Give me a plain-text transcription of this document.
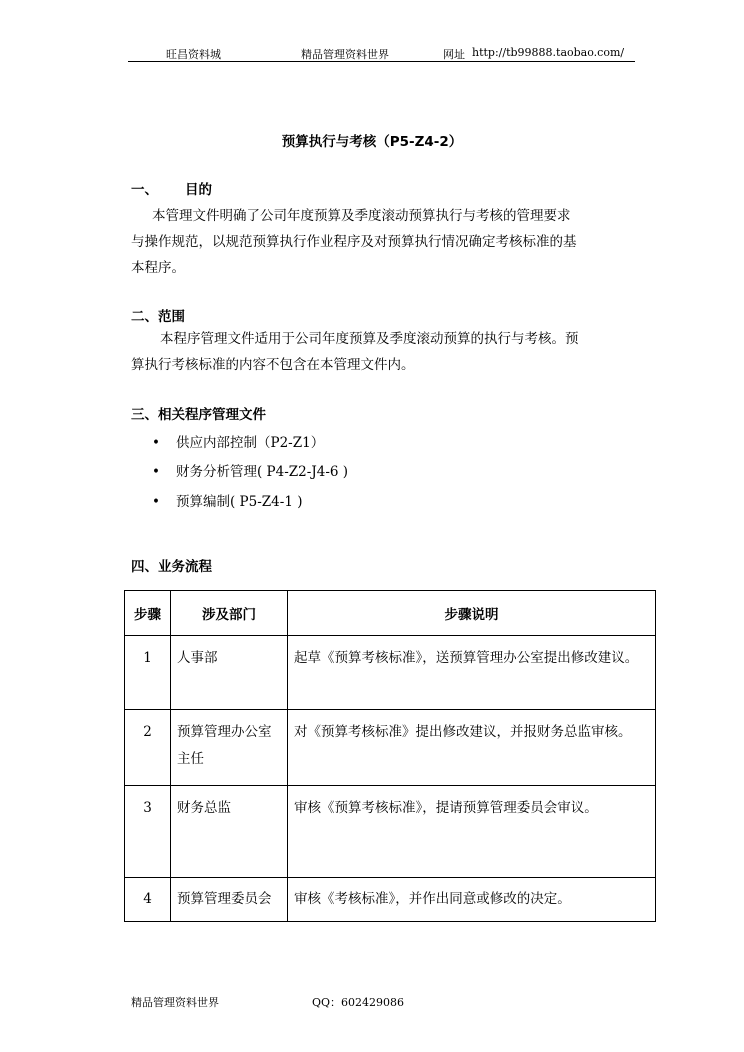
旺昌资料城	精品管理资料世界	网址 http://tb99888.taobao.com/
预算执行与考核（P5-Z4-2）
一、 目的
本管理文件明确了公司年度预算及季度滚动预算执行与考核的管理要求
与操作规范，以规范预算执行作业程序及对预算执行情况确定考核标准的基
本程序。
二、范围
本程序管理文件适用于公司年度预算及季度滚动预算的执行与考核。预
算执行考核标准的内容不包含在本管理文件内。
三、相关程序管理文件
• 供应内部控制（P2-Z1）
• 财务分析管理( P4-Z2-J4-6 )
• 预算编制( P5-Z4-1 )
四、业务流程
步骤	涉及部门	步骤说明

1	人事部	起草《预算考核标准》，送预算管理办公室提出修改建议。

2	预算管理办公室主任	对《预算考核标准》提出修改建议，并报财务总监审核。

3	财务总监	审核《预算考核标准》，提请预算管理委员会审议。

4	预算管理委员会	审核《考核标准》，并作出同意或修改的决定。
精品管理资料世界	QQ：602429086
